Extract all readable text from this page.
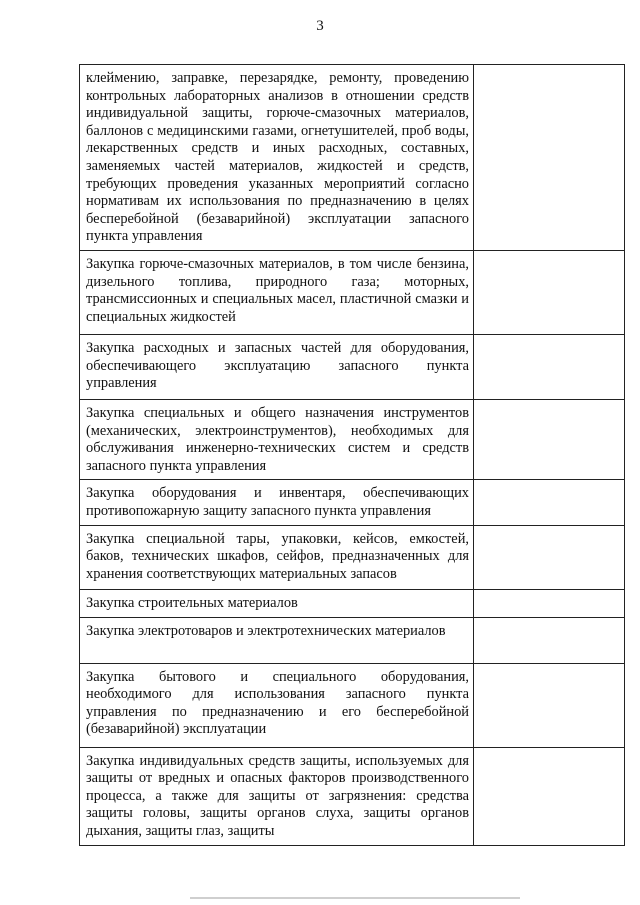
3
клеймению, заправке, перезарядке, ремонту, проведению контрольных лабораторных анализов в отношении средств индивидуальной защиты, горюче-смазочных материалов, баллонов с медицинскими газами, огнетушителей, проб воды, лекарственных средств и иных расходных, составных, заменяемых частей материалов, жидкостей и средств, требующих проведения указанных мероприятий согласно нормативам их использования по предназначению в целях бесперебойной (безаварийной) эксплуатации запасного пункта управления	
Закупка горюче-смазочных материалов, в том числе бензина, дизельного топлива, природного газа; моторных, трансмиссионных и специальных масел, пластичной смазки и специальных жидкостей	
Закупка расходных и запасных частей для оборудования, обеспечивающего эксплуатацию запасного пункта управления	
Закупка специальных и общего назначения инструментов (механических, электроинструментов), необходимых для обслуживания инженерно-технических систем и средств запасного пункта управления	
Закупка оборудования и инвентаря, обеспечивающих противопожарную защиту запасного пункта управления	
Закупка специальной тары, упаковки, кейсов, емкостей, баков, технических шкафов, сейфов, предназначенных для хранения соответствующих материальных запасов	
Закупка строительных материалов	
Закупка электротоваров и электротехнических материалов	
Закупка бытового и специального оборудования, необходимого для использования запасного пункта управления по предназначению и его бесперебойной (безаварийной) эксплуатации	
Закупка индивидуальных средств защиты, используемых для защиты от вредных и опасных факторов производственного процесса, а также для защиты от загрязнения: средства защиты головы, защиты органов слуха, защиты органов дыхания, защиты глаз, защиты	
